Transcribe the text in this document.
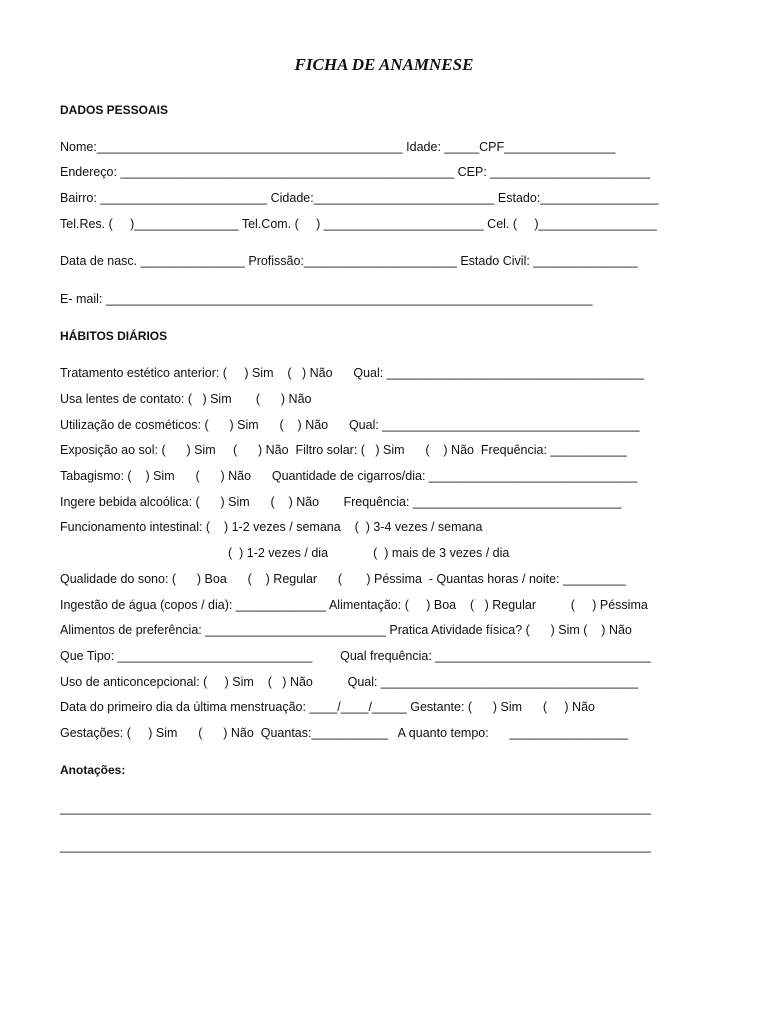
FICHA DE ANAMNESE
DADOS PESSOAIS
Nome:____________________________________________ Idade: _____CPF________________
Endereço: ________________________________________________ CEP: _______________________
Bairro: ________________________ Cidade:__________________________ Estado:_________________
Tel.Res. (     )_______________ Tel.Com. (     ) _______________________ Cel. (     )_________________
Data de nasc. _______________ Profissão:______________________ Estado Civil: _______________
E- mail: ______________________________________________________________________
HÁBITOS DIÁRIOS
Tratamento estético anterior: (     ) Sim    (   ) Não      Qual: _____________________________________
Usa lentes de contato: (   ) Sim       (      ) Não
Utilização de cosméticos: (      ) Sim      (    ) Não      Qual: _____________________________________
Exposição ao sol: (      ) Sim     (      ) Não  Filtro solar: (   ) Sim      (    ) Não  Frequência: ___________
Tabagismo: (    ) Sim      (      ) Não      Quantidade de cigarros/dia: ______________________________
Ingere bebida alcoólica: (      ) Sim      (    ) Não       Frequência: ______________________________
Funcionamento intestinal: (    ) 1-2 vezes / semana    (  ) 3-4 vezes / semana
(  ) 1-2 vezes / dia             (  ) mais de 3 vezes / dia
Qualidade do sono: (      ) Boa      (    ) Regular      (       ) Péssima  - Quantas horas / noite: _________
Ingestão de água (copos / dia): _____________ Alimentação: (     ) Boa    (   ) Regular          (     ) Péssima
Alimentos de preferência: __________________________ Pratica Atividade física? (      ) Sim (    ) Não
Que Tipo: ____________________________        Qual frequência: _______________________________
Uso de anticoncepcional: (     ) Sim    (   ) Não          Qual: _____________________________________
Data do primeiro dia da última menstruação: ____/____/_____ Gestante: (      ) Sim      (     ) Não
Gestações: (     ) Sim      (      ) Não  Quantas:___________   A quanto tempo:      _________________
Anotações:
_____________________________________________________________________________________
_____________________________________________________________________________________
